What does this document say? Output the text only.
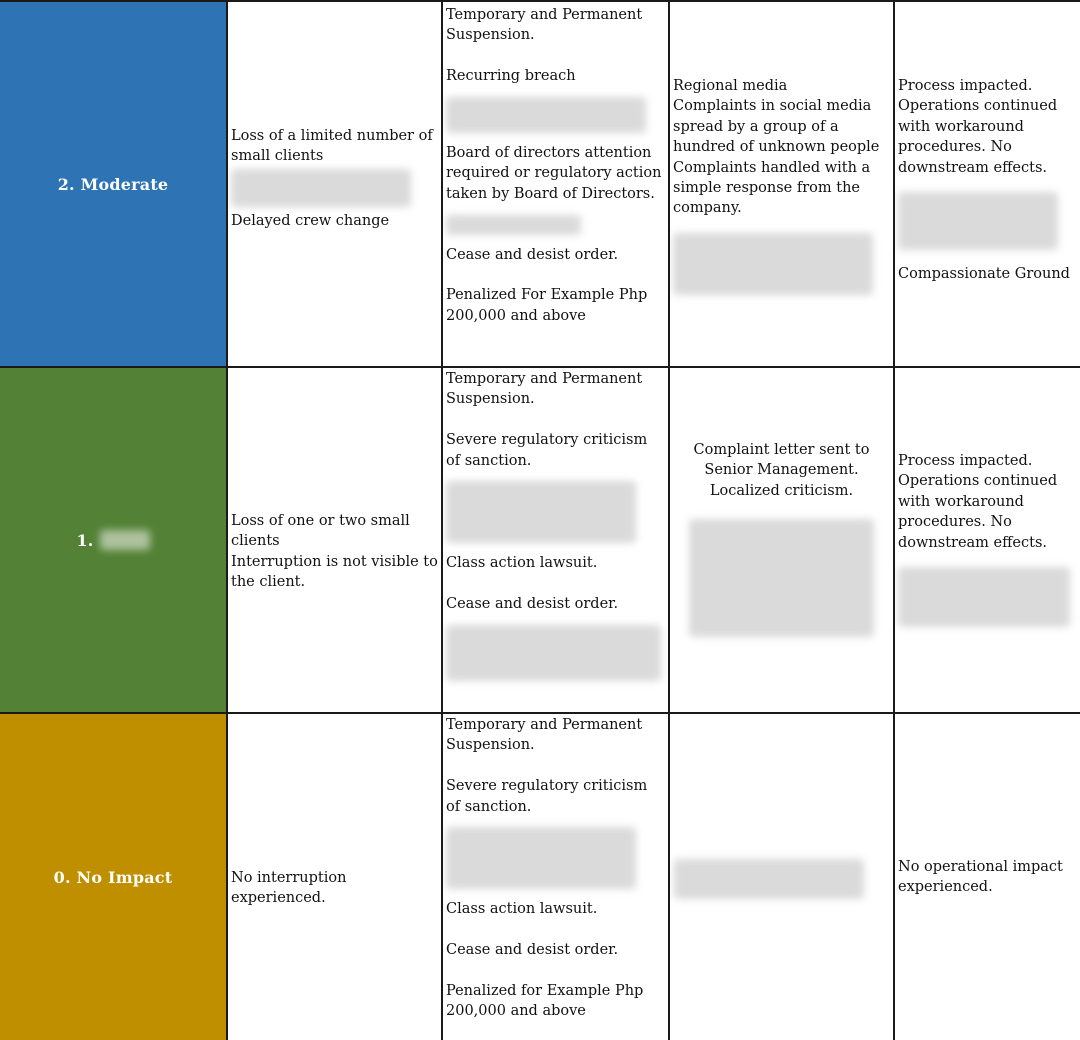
2. Moderate
Loss of a limited number of small clients
Delayed crew change

Temporary and Permanent Suspension.

Recurring breach

Board of directors attention required or regulatory action taken by Board of Directors.

Cease and desist order.

Penalized For Example Php 200,000 and above

Regional media
Complaints in social media spread by a group of a hundred of unknown people
Complaints handled with a simple response from the company.
Process impacted. Operations continued with workaround procedures. No downstream effects.
Compassionate Ground
1.
Loss of one or two small clients
Interruption is not visible to the client.

Temporary and Permanent Suspension.

Severe regulatory criticism of sanction.

Class action lawsuit.

Cease and desist order.

Complaint letter sent to Senior Management. Localized criticism.
Process impacted. Operations continued with workaround procedures. No downstream effects.
0. No Impact	No interruption experienced.

Temporary and Permanent Suspension.

Severe regulatory criticism of sanction.

Class action lawsuit.

Cease and desist order.

Penalized for Example Php 200,000 and above

No operational impact experienced.
